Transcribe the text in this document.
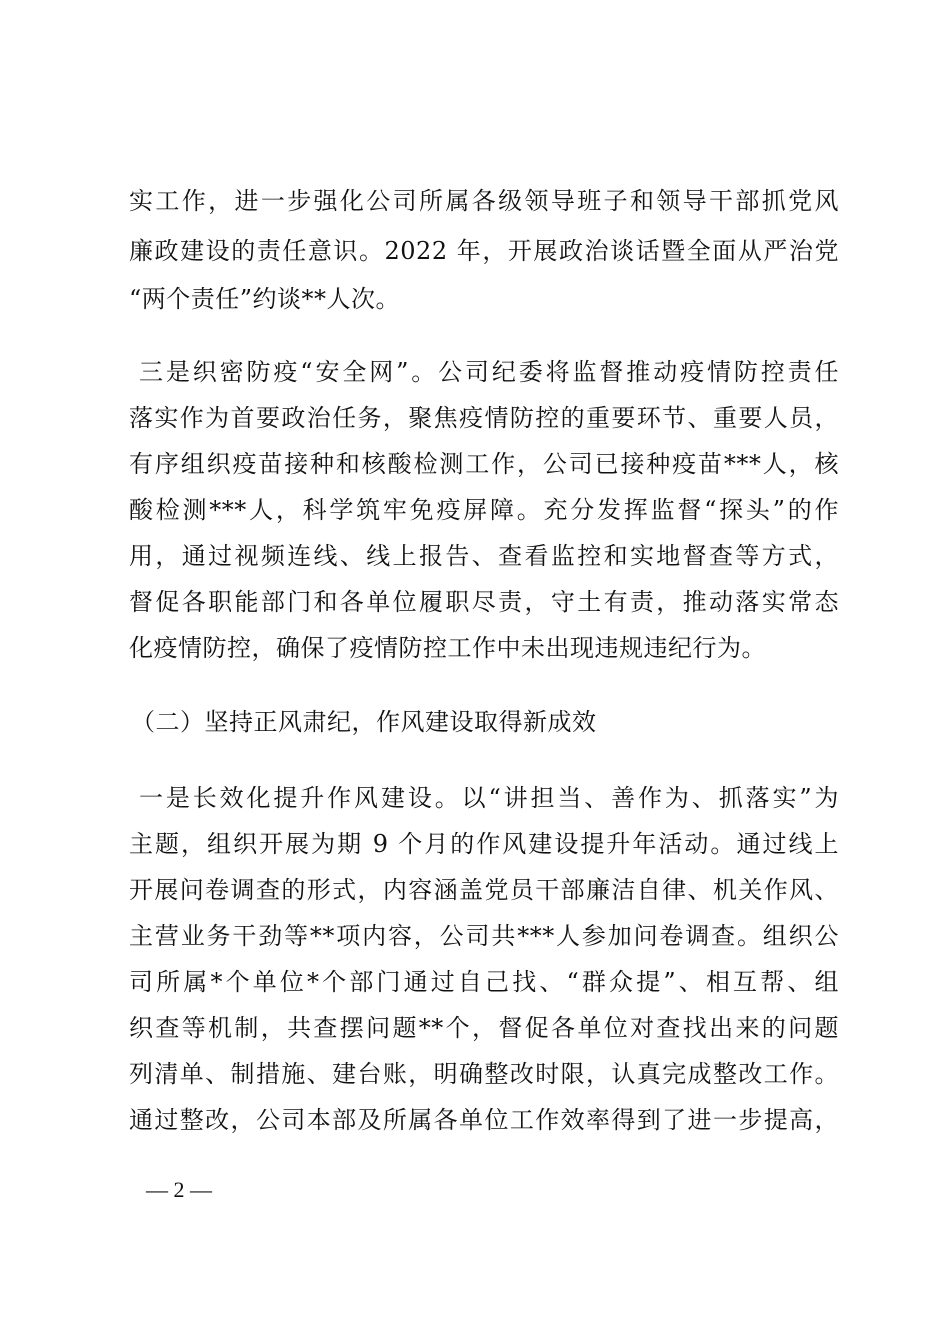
实工作，进一步强化公司所属各级领导班子和领导干部抓党风
廉政建设的责任意识。2022 年，开展政治谈话暨全面从严治党
“两个责任”约谈**人次。
三是织密防疫“安全网”。公司纪委将监督推动疫情防控责任
落实作为首要政治任务，聚焦疫情防控的重要环节、重要人员，
有序组织疫苗接种和核酸检测工作，公司已接种疫苗***人，核
酸检测***人，科学筑牢免疫屏障。充分发挥监督“探头”的作
用，通过视频连线、线上报告、查看监控和实地督查等方式，
督促各职能部门和各单位履职尽责，守土有责，推动落实常态
化疫情防控，确保了疫情防控工作中未出现违规违纪行为。
（二）坚持正风肃纪，作风建设取得新成效
一是长效化提升作风建设。以“讲担当、善作为、抓落实”为
主题，组织开展为期 9 个月的作风建设提升年活动。通过线上
开展问卷调查的形式，内容涵盖党员干部廉洁自律、机关作风、
主营业务干劲等**项内容，公司共***人参加问卷调查。组织公
司所属*个单位*个部门通过自己找、“群众提”、相互帮、组
织查等机制，共查摆问题**个，督促各单位对查找出来的问题
列清单、制措施、建台账，明确整改时限，认真完成整改工作。
通过整改，公司本部及所属各单位工作效率得到了进一步提高，
— 2 —
